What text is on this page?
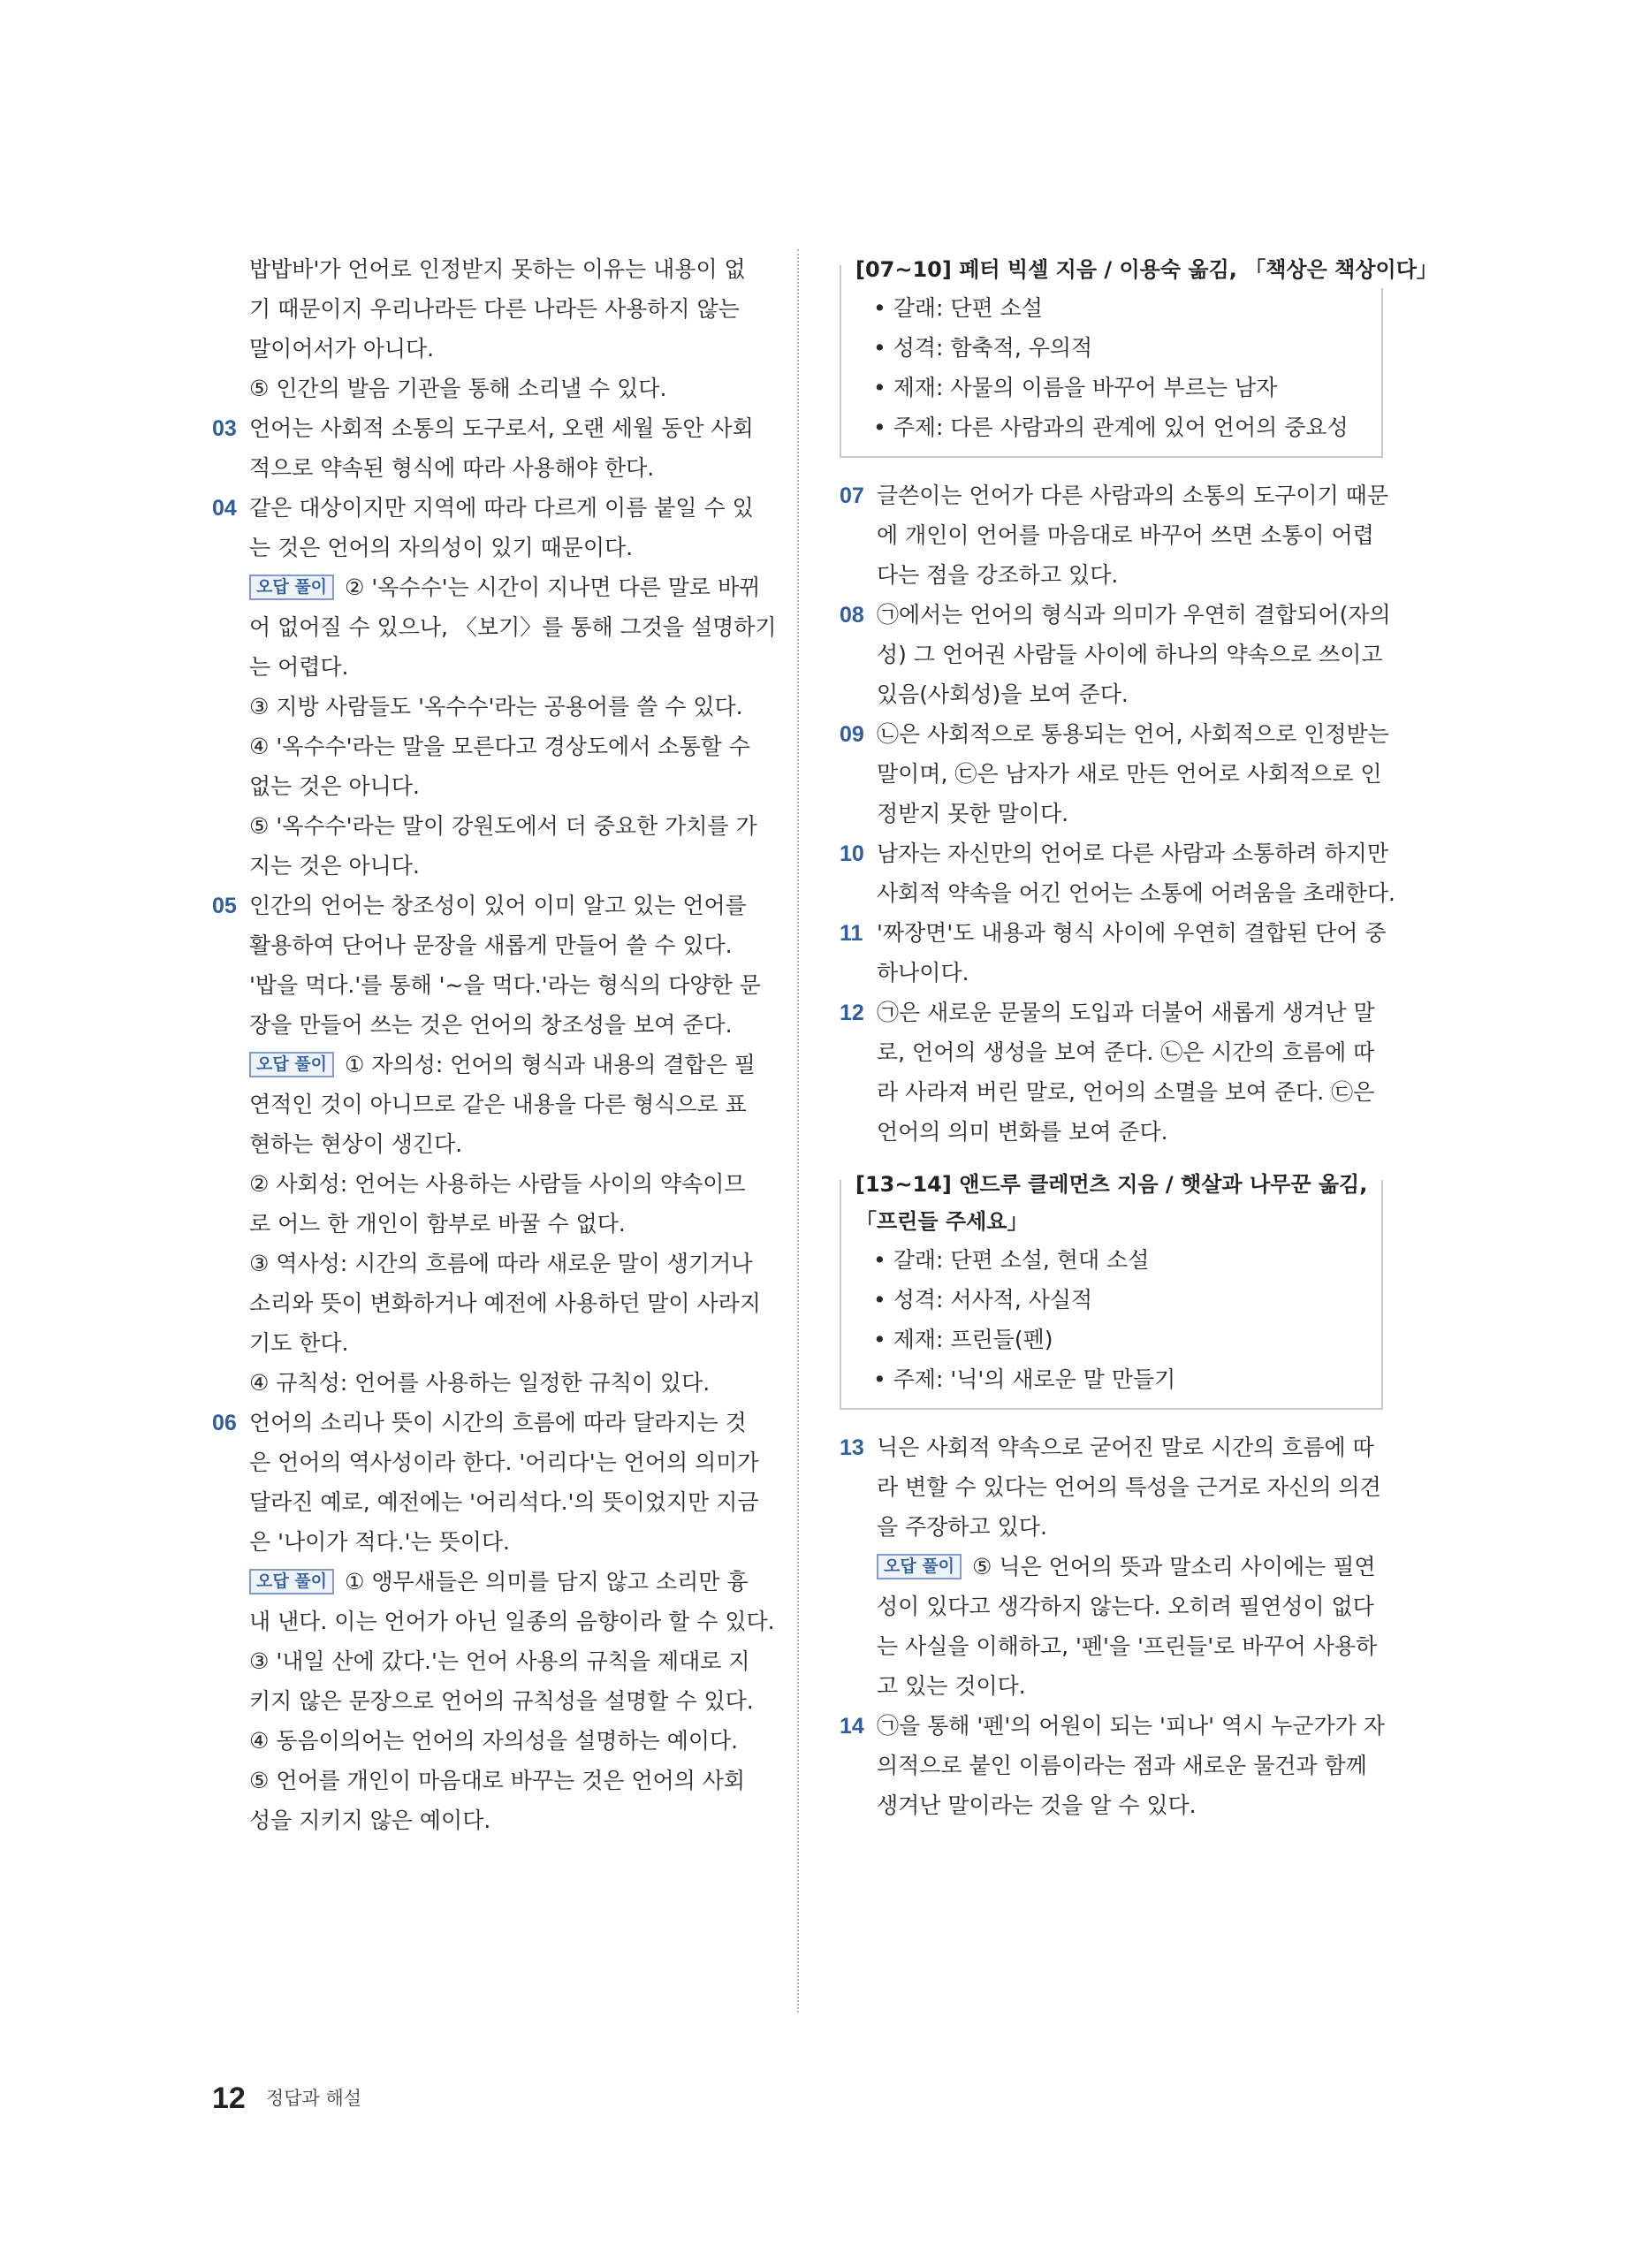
밥밥바'가 언어로 인정받지 못하는 이유는 내용이 없
기 때문이지 우리나라든 다른 나라든 사용하지 않는
말이어서가 아니다.
⑤ 인간의 발음 기관을 통해 소리낼 수 있다.
03 언어는 사회적 소통의 도구로서, 오랜 세월 동안 사회
적으로 약속된 형식에 따라 사용해야 한다.
04 같은 대상이지만 지역에 따라 다르게 이름 붙일 수 있
는 것은 언어의 자의성이 있기 때문이다.
오답 풀이 ② '옥수수'는 시간이 지나면 다른 말로 바뀌
어 없어질 수 있으나, 〈보기〉를 통해 그것을 설명하기
는 어렵다.
③ 지방 사람들도 '옥수수'라는 공용어를 쓸 수 있다.
④ '옥수수'라는 말을 모른다고 경상도에서 소통할 수
없는 것은 아니다.
⑤ '옥수수'라는 말이 강원도에서 더 중요한 가치를 가
지는 것은 아니다.
05 인간의 언어는 창조성이 있어 이미 알고 있는 언어를
활용하여 단어나 문장을 새롭게 만들어 쓸 수 있다.
'밥을 먹다.'를 통해 '~을 먹다.'라는 형식의 다양한 문
장을 만들어 쓰는 것은 언어의 창조성을 보여 준다.
오답 풀이 ① 자의성: 언어의 형식과 내용의 결합은 필
연적인 것이 아니므로 같은 내용을 다른 형식으로 표
현하는 현상이 생긴다.
② 사회성: 언어는 사용하는 사람들 사이의 약속이므
로 어느 한 개인이 함부로 바꿀 수 없다.
③ 역사성: 시간의 흐름에 따라 새로운 말이 생기거나
소리와 뜻이 변화하거나 예전에 사용하던 말이 사라지
기도 한다.
④ 규칙성: 언어를 사용하는 일정한 규칙이 있다.
06 언어의 소리나 뜻이 시간의 흐름에 따라 달라지는 것
은 언어의 역사성이라 한다. '어리다'는 언어의 의미가
달라진 예로, 예전에는 '어리석다.'의 뜻이었지만 지금
은 '나이가 적다.'는 뜻이다.
오답 풀이 ① 앵무새들은 의미를 담지 않고 소리만 흉
내 낸다. 이는 언어가 아닌 일종의 음향이라 할 수 있다.
③ '내일 산에 갔다.'는 언어 사용의 규칙을 제대로 지
키지 않은 문장으로 언어의 규칙성을 설명할 수 있다.
④ 동음이의어는 언어의 자의성을 설명하는 예이다.
⑤ 언어를 개인이 마음대로 바꾸는 것은 언어의 사회
성을 지키지 않은 예이다.
[07~10] 페터 빅셀 지음 / 이용숙 옮김, 「책상은 책상이다」
• 갈래: 단편 소설
• 성격: 함축적, 우의적
• 제재: 사물의 이름을 바꾸어 부르는 남자
• 주제: 다른 사람과의 관계에 있어 언어의 중요성
07 글쓴이는 언어가 다른 사람과의 소통의 도구이기 때문
에 개인이 언어를 마음대로 바꾸어 쓰면 소통이 어렵
다는 점을 강조하고 있다.
08 ㉠에서는 언어의 형식과 의미가 우연히 결합되어(자의
성) 그 언어권 사람들 사이에 하나의 약속으로 쓰이고
있음(사회성)을 보여 준다.
09 ㉡은 사회적으로 통용되는 언어, 사회적으로 인정받는
말이며, ㉢은 남자가 새로 만든 언어로 사회적으로 인
정받지 못한 말이다.
10 남자는 자신만의 언어로 다른 사람과 소통하려 하지만
사회적 약속을 어긴 언어는 소통에 어려움을 초래한다.
11 '짜장면'도 내용과 형식 사이에 우연히 결합된 단어 중
하나이다.
12 ㉠은 새로운 문물의 도입과 더불어 새롭게 생겨난 말
로, 언어의 생성을 보여 준다. ㉡은 시간의 흐름에 따
라 사라져 버린 말로, 언어의 소멸을 보여 준다. ㉢은
언어의 의미 변화를 보여 준다.
[13~14] 앤드루 클레먼츠 지음 / 햇살과 나무꾼 옮김,
「프린들 주세요」
• 갈래: 단편 소설, 현대 소설
• 성격: 서사적, 사실적
• 제재: 프린들(펜)
• 주제: '닉'의 새로운 말 만들기
13 닉은 사회적 약속으로 굳어진 말로 시간의 흐름에 따
라 변할 수 있다는 언어의 특성을 근거로 자신의 의견
을 주장하고 있다.
오답 풀이 ⑤ 닉은 언어의 뜻과 말소리 사이에는 필연
성이 있다고 생각하지 않는다. 오히려 필연성이 없다
는 사실을 이해하고, '펜'을 '프린들'로 바꾸어 사용하
고 있는 것이다.
14 ㉠을 통해 '펜'의 어원이 되는 '피나' 역시 누군가가 자
의적으로 붙인 이름이라는 점과 새로운 물건과 함께
생겨난 말이라는 것을 알 수 있다.
12 정답과 해설
